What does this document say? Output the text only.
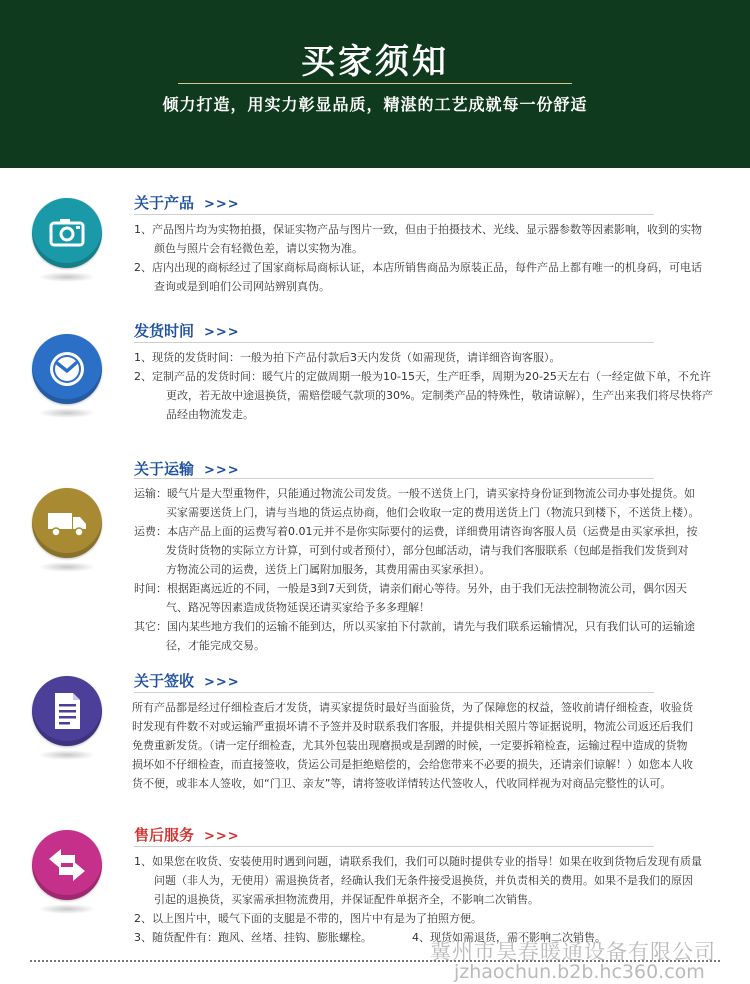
买家须知
倾力打造，用实力彰显品质，精湛的工艺成就每一份舒适
关于产品 >>>

1、产品图片均为实物拍摄，保证实物产品与图片一致，但由于拍摄技术、光线、显示器参数等因素影响，收到的实物

颜色与照片会有轻微色差，请以实物为准。

2、店内出现的商标经过了国家商标局商标认证，本店所销售商品为原装正品，每件产品上都有唯一的机身码，可电话

查询或是到咱们公司网站辨别真伪。

发货时间 >>>

1、现货的发货时间：一般为拍下产品付款后3天内发货（如需现货，请详细咨询客服）。

2、定制产品的发货时间：暖气片的定做周期一般为10-15天，生产旺季，周期为20-25天左右（一经定做下单，不允许

更改，若无故中途退换货，需赔偿暖气款项的30%。定制类产品的特殊性，敬请谅解），生产出来我们将尽快将产

品经由物流发走。

关于运输 >>>

运输：暖气片是大型重物件，只能通过物流公司发货。一般不送货上门，请买家持身份证到物流公司办事处提货。如

买家需要送货上门，请与当地的货运点协商，他们会收取一定的费用送货上门（物流只到楼下，不送货上楼）。

运费：本店产品上面的运费写着0.01元并不是你实际要付的运费，详细费用请咨询客服人员（运费是由买家承担，按

发货时货物的实际立方计算，可到付或者预付），部分包邮活动，请与我们客服联系（包邮是指我们发货到对

方物流公司的运费，送货上门属附加服务，其费用需由买家承担）。

时间：根据距离远近的不同，一般是3到7天到货，请亲们耐心等待。另外，由于我们无法控制物流公司，偶尔因天

气、路况等因素造成货物延误还请买家给予多多理解！

其它：国内某些地方我们的运输不能到达，所以买家拍下付款前，请先与我们联系运输情况，只有我们认可的运输途

径，才能完成交易。

关于签收 >>>

所有产品都是经过仔细检查后才发货，请买家提货时最好当面验货，为了保障您的权益，签收前请仔细检查，收验货

时发现有件数不对或运输严重损坏请不予签并及时联系我们客服，并提供相关照片等证据说明，物流公司返还后我们

免费重新发货。（请一定仔细检查，尤其外包装出现磨损或是刮蹭的时候，一定要拆箱检查，运输过程中造成的货物

损坏如不仔细检查，而直接签收，货运公司是拒绝赔偿的，会给您带来不必要的损失，还请亲们谅解！）如您本人收

货不便，或非本人签收，如“门卫、亲友”等，请将签收详情转达代签收人，代收同样视为对商品完整性的认可。

售后服务 >>>

1、如果您在收货、安装使用时遇到问题，请联系我们，我们可以随时提供专业的指导！如果在收到货物后发现有质量

问题（非人为，无使用）需退换货者，经确认我们无条件接受退换货，并负责相关的费用。如果不是我们的原因

引起的退换货，买家需承担物流费用，并保证配件单据齐全，不影响二次销售。

2、以上图片中，暖气下面的支腿是不带的，图片中有是为了拍照方便。

3、随货配件有：跑风、丝堵、挂钩、膨胀螺栓。	4、现货如需退货，需不影响二次销售。

冀州市昊春暖通设备有限公司
jzhaochun.b2b.hc360.com
